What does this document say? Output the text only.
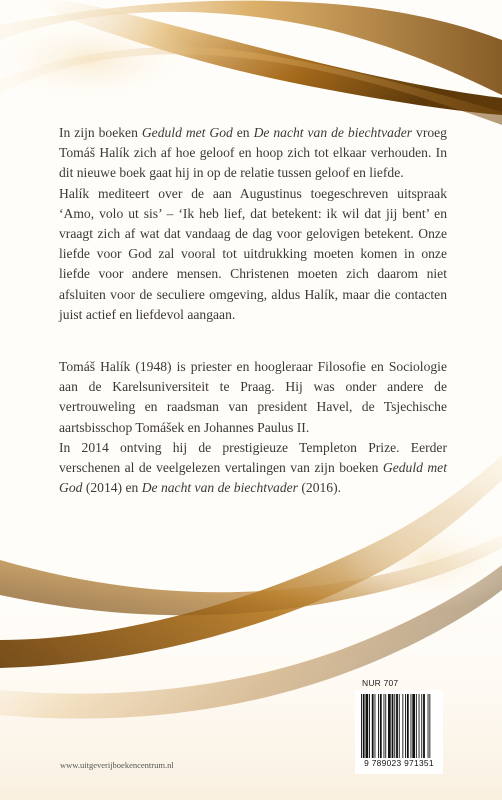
In zijn boeken Geduld met God en De nacht van de biechtvader vroeg Tomáš Halík zich af hoe geloof en hoop zich tot elkaar verhouden. In dit nieuwe boek gaat hij in op de relatie tussen geloof en liefde.

Halík mediteert over de aan Augustinus toegeschreven uitspraak ‘Amo, volo ut sis’ – ‘Ik heb lief, dat betekent: ik wil dat jij bent’ en vraagt zich af wat dat vandaag de dag voor gelovigen betekent. Onze liefde voor God zal vooral tot uitdrukking moeten komen in onze liefde voor andere mensen. Christenen moeten zich daarom niet afsluiten voor de seculiere omgeving, aldus Halík, maar die contacten juist actief en liefdevol aangaan.

Tomáš Halík (1948) is priester en hoogleraar Filosofie en Sociologie aan de Karelsuniversiteit te Praag. Hij was onder andere de vertrouweling en raadsman van president Havel, de Tsjechische aartsbisschop Tomášek en Johannes Paulus II.

In 2014 ontving hij de prestigieuze Templeton Prize. Eerder verschenen al de veelgelezen vertalingen van zijn boeken Geduld met God (2014) en De nacht van de biechtvader (2016).

NUR 707
9 789023 971351
www.uitgeverijboekencentrum.nl
